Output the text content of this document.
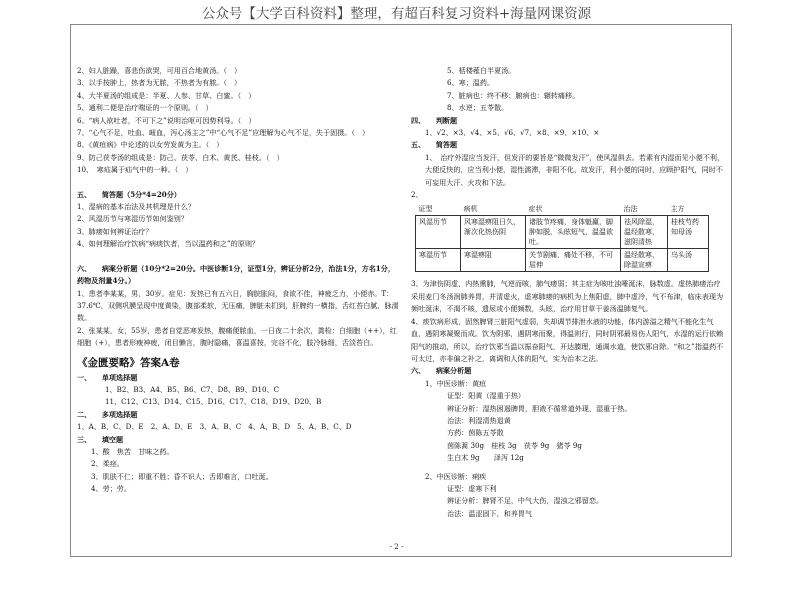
公众号【大学百科资料】整理，有超百科复习资料+海量网课资源
2、妇人脏躁，喜悲伤欲哭，可用百合地黄汤。（　）
3、以手按肿上，热者为无脓，不热者为有脓。（　）
4、大半夏汤的组成是：半夏、人参、甘草、白蜜。（　）
5、通利二便是治疗喘证的一个原则。（　）
6、“病人欲吐者，不可下之”说明治呕可因势利导。（　）
7、“心气不足，吐血、衄血，泻心汤主之”中“心气不足”应理解为心气不足，失于固摄。（　）
8、《黄疸病》中论述的以女劳发黄为主。（　）
9、防己茯苓汤的组成是：防己、茯苓、白术、黄芪、桂枝。（　）
10、　寒疝属于疝气中的一种。（　）
五、　　简答题（5分*4=20分）
1、湿病的基本治法及其机理是什么？
2、风湿历节与寒湿历节如何鉴别？
3、肺痿如何辨证治疗？
4、如何理解治疗饮病“病痰饮者，当以温药和之”的原则？
六、　　病案分析题（10分*2=20分。中医诊断1分，证型1分，辨证分析2分，治法1分，方名1分，药物及剂量4分。）
1、患者李某某，男，30岁。症见：发热已有五六日，胸脘胀闷，食欲不佳，神疲乏力，小便赤。T：37.6℃，双侧巩膜呈现中度黄染，腹部柔软，无压痛，脾脏未扪到，肝脾约一横指，舌红苔白腻，脉濡数。
2、张某某，女，55岁，患者自觉恶寒发热，腹痛便脓血，一日夜二十余次，粪检：白细胞（++），红细胞（+），患者形瘦神疲，闭目懒言，腹时隐痛，喜温喜按，完谷不化，肢冷脉细，舌淡苔白。
《金匮要略》答案A卷
一、　　单项选择题
1、B2、B3、A4、B5、B6、C7、D8、B9、D10、C
11、C12、C13、D14、C15、D16、C17、C18、D19、D20、B
二、　　多项选择题
1、A、B、C、D、E　2、A、D、E　3、A、B、C　4、A、B、D　5、A、B、C、D
三、　　填空题
1、酸　焦苦　甘味之药。
2、柔痉。
3、肌肤不仁；即重不胜；昏不识人；舌即难言，口吐涎。
4、劳；劳。
5、栝楼薤白半夏汤。
6、寒；温药。
7、脏病也：终不移；腑病也：辗转痛移。
8、水逆；五苓散。
四、　　判断题
1、√2、×3、√4、×5、√6、√7、×8、×9、×10、×
五、　　简答题
1、　治疗外湿应当发汗，但发汗的要旨是“微微发汗”，使风湿俱去。若素有内湿而见小便不利，大便反快的，应当利小便，湿性濡滞，非阳不化，故发汗，利小便的同时，应顾护阳气，同时不可妄用大汗、火攻和下法。
2、
证型	病机	症状	治法	主方
风湿历节	风寒湿痹阻日久，渐次化热伤阴	诸肢节疼痛，身体魁羸，脚肿如脱，头眩短气，温温欲吐。	祛风除湿，温经散寒，滋阴清热	桂枝芍药知母汤
寒湿历节	寒湿痹阻	关节剧痛，痛处不移，不可屈伸	温经散寒，除湿宣痹	乌头汤
3、为津伤阴虚，内热熏肺，气逆而咳，肺气痿弱；其主症为咳吐浊唾涎沫，脉数虚。虚热肺痿治疗采用麦门冬汤润肺养胃，并清虚火，虚寒肺痿的病机为上焦阳虚，肺中虚冷，气不布津，临床表现为频吐涎沫，不渴不咳，遗尿或小便频数，头眩，治疗用甘草干姜汤温肺复气。
4、痰饮病形成，固然脾肾三脏阳气虚弱，失却调节排泄水液的功能，体内游溢之精气不能化生气血，遇阴寒凝聚而成。饮为阴邪，遇阴寒而聚，得温则行，同时阴邪最易伤人阳气，水湿的运行依赖阳气的推动，所以，治疗饮邪当温以振奋阳气，开达腠理，通调水道，使饮邪自除。“和之”指温药不可太过，亦非偏之补之，离调和人体的阳气，实为治本之法。
六、　　病案分析题
1、中医诊断：黄疸
证型：阳黄（湿重于热）
辨证分析：湿热困遏脾胃，胆液不循常道外现，湿重于热。
治法：利湿清热退黄
方药：茵陈五苓散
茵陈蒿 30g　桂枝 3g　茯苓 9g　猪苓 9g
生白术 9g　　泽泻 12g
2、中医诊断：痢疾
证型：虚寒下利
辨证分析：脾肾不足，中气大伤，湿浊之邪留恋。
治法：温涩固下，和养胃气
- 2 -
